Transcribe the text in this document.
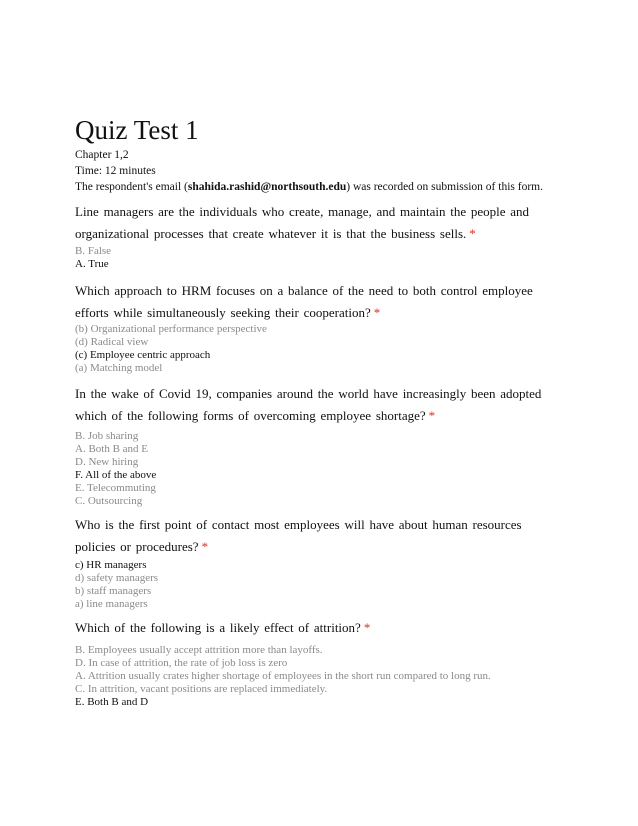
Quiz Test 1
Chapter 1,2
Time: 12 minutes
The respondent's email (shahida.rashid@northsouth.edu) was recorded on submission of this form.
Line managers are the individuals who create, manage, and maintain the people and organizational processes that create whatever it is that the business sells. *
B. False
A. True
Which approach to HRM focuses on a balance of the need to both control employee efforts while simultaneously seeking their cooperation? *
(b) Organizational performance perspective
(d) Radical view
(c) Employee centric approach
(a) Matching model
In the wake of Covid 19, companies around the world have increasingly been adopted which of the following forms of overcoming employee shortage? *
B. Job sharing
A. Both B and E
D. New hiring
F. All of the above
E. Telecommuting
C. Outsourcing
Who is the first point of contact most employees will have about human resources policies or procedures? *
c) HR managers
d) safety managers
b) staff managers
a) line managers
Which of the following is a likely effect of attrition? *
B. Employees usually accept attrition more than layoffs.
D. In case of attrition, the rate of job loss is zero
A. Attrition usually crates higher shortage of employees in the short run compared to long run.
C. In attrition, vacant positions are replaced immediately.
E. Both B and D
